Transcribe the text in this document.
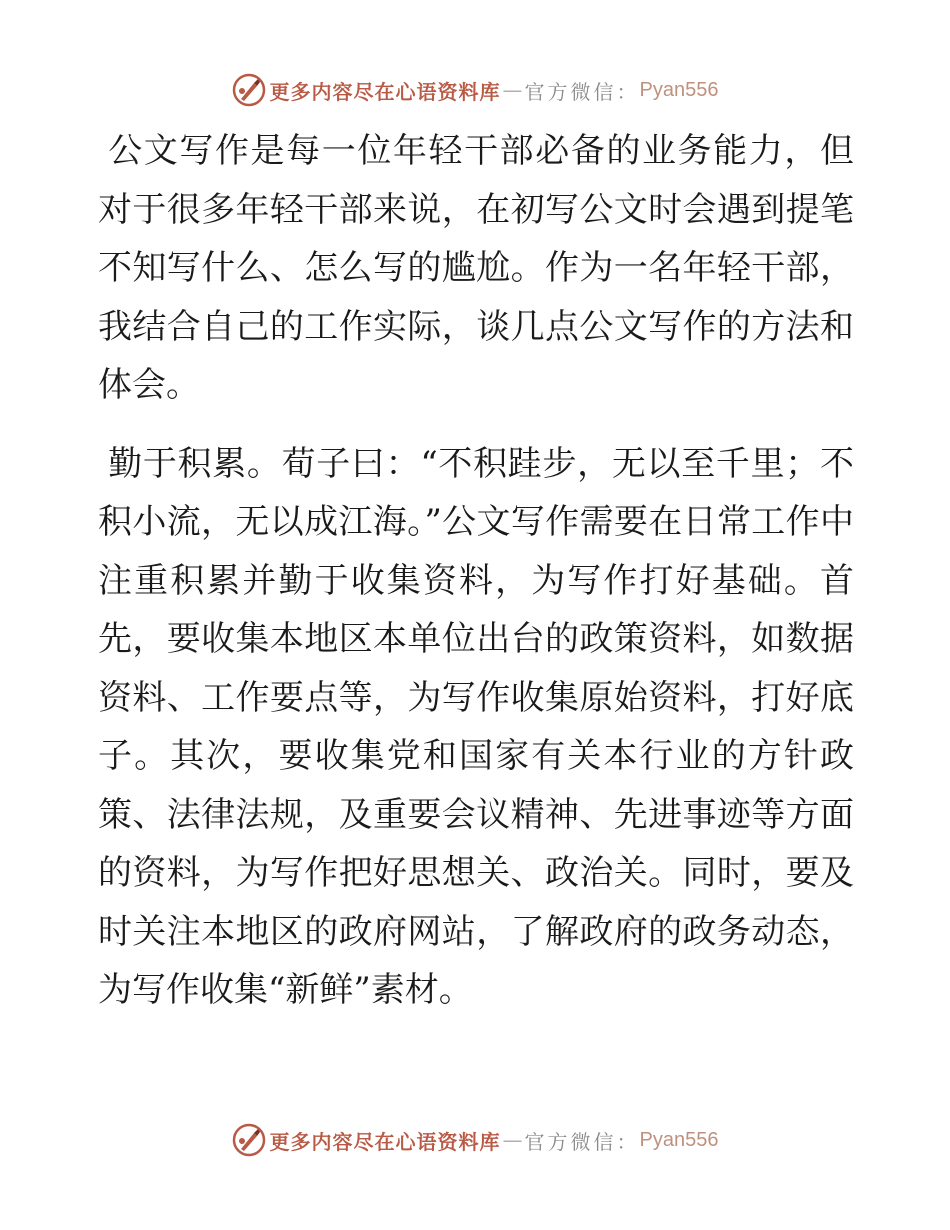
更多内容尽在心语资料库 — 官方微信： Pyan556

公文写作是每一位年轻干部必备的业务能力，但对于很多年轻干部来说，在初写公文时会遇到提笔不知写什么、怎么写的尴尬。作为一名年轻干部，我结合自己的工作实际，谈几点公文写作的方法和体会。

勤于积累。荀子曰：“不积跬步，无以至千里；不积小流，无以成江海。”公文写作需要在日常工作中注重积累并勤于收集资料，为写作打好基础。首先，要收集本地区本单位出台的政策资料，如数据资料、工作要点等，为写作收集原始资料，打好底子。其次，要收集党和国家有关本行业的方针政策、法律法规，及重要会议精神、先进事迹等方面的资料，为写作把好思想关、政治关。同时，要及时关注本地区的政府网站，了解政府的政务动态，为写作收集“新鲜”素材。

更多内容尽在心语资料库 — 官方微信： Pyan556
